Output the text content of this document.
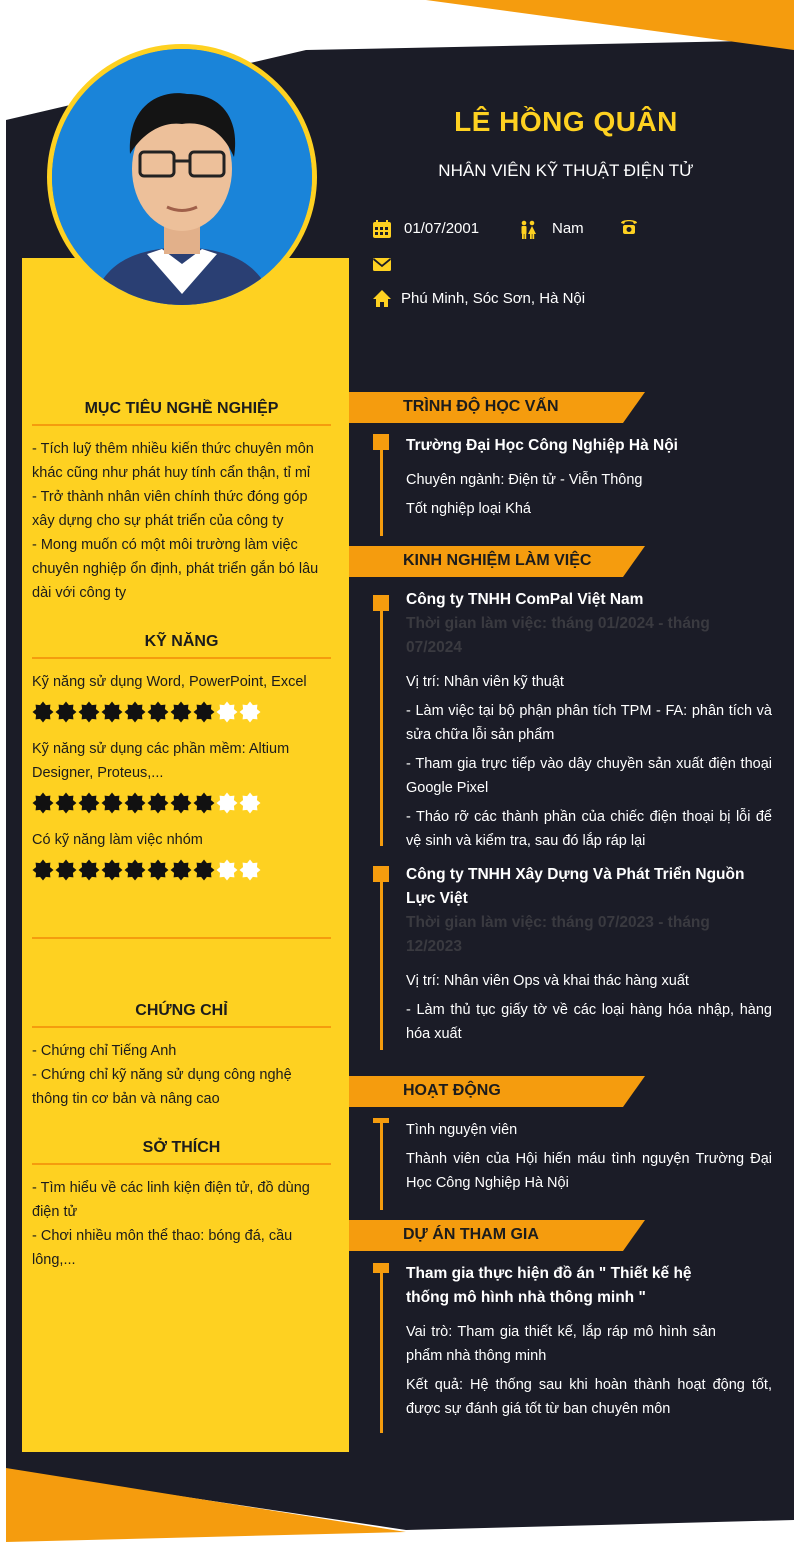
LÊ HỒNG QUÂN
NHÂN VIÊN KỸ THUẬT ĐIỆN TỬ
01/07/2001	Nam
Phú Minh, Sóc Sơn, Hà Nội
MỤC TIÊU NGHỀ NGHIỆP

- Tích luỹ thêm nhiều kiến thức chuyên môn khác cũng như phát huy tính cẩn thận, tỉ mỉ

- Trở thành nhân viên chính thức đóng góp xây dựng cho sự phát triển của công ty

- Mong muốn có một môi trường làm việc chuyên nghiệp ổn định, phát triển gắn bó lâu dài với công ty

KỸ NĂNG
Kỹ năng sử dụng Word, PowerPoint, Excel
Kỹ năng sử dụng các phần mềm: Altium Designer, Proteus,...
Có kỹ năng làm việc nhóm
CHỨNG CHỈ

- Chứng chỉ Tiếng Anh

- Chứng chỉ kỹ năng sử dụng công nghệ thông tin cơ bản và nâng cao

SỞ THÍCH

- Tìm hiểu về các linh kiện điện tử, đồ dùng điện tử

- Chơi nhiều môn thể thao: bóng đá, cầu lông,...

TRÌNH ĐỘ HỌC VẤN
Trường Đại Học Công Nghiệp Hà Nội

Chuyên ngành: Điện tử - Viễn Thông

Tốt nghiệp loại Khá

KINH NGHIỆM LÀM VIỆC
Công ty TNHH ComPal Việt Nam
Thời gian làm việc: tháng 01/2024 - tháng 07/2024

Vị trí: Nhân viên kỹ thuật

- Làm việc tại bộ phận phân tích TPM - FA: phân tích và sửa chữa lỗi sản phẩm

- Tham gia trực tiếp vào dây chuyền sản xuất điện thoại Google Pixel

- Tháo rỡ các thành phần của chiếc điện thoại bị lỗi để vệ sinh và kiểm tra, sau đó lắp ráp lại

Công ty TNHH Xây Dựng Và Phát Triển Nguồn Lực Việt
Thời gian làm việc: tháng 07/2023 - tháng 12/2023

Vị trí: Nhân viên Ops và khai thác hàng xuất

- Làm thủ tục giấy tờ về các loại hàng hóa nhập, hàng hóa xuất

HOẠT ĐỘNG

Tình nguyện viên

Thành viên của Hội hiến máu tình nguyện Trường Đại Học Công Nghiệp Hà Nội

DỰ ÁN THAM GIA
Tham gia thực hiện đồ án " Thiết kế hệ thống mô hình nhà thông minh "

Vai trò: Tham gia thiết kế, lắp ráp mô hình sản phẩm nhà thông minh

Kết quả: Hệ thống sau khi hoàn thành hoạt động tốt, được sự đánh giá tốt từ ban chuyên môn
